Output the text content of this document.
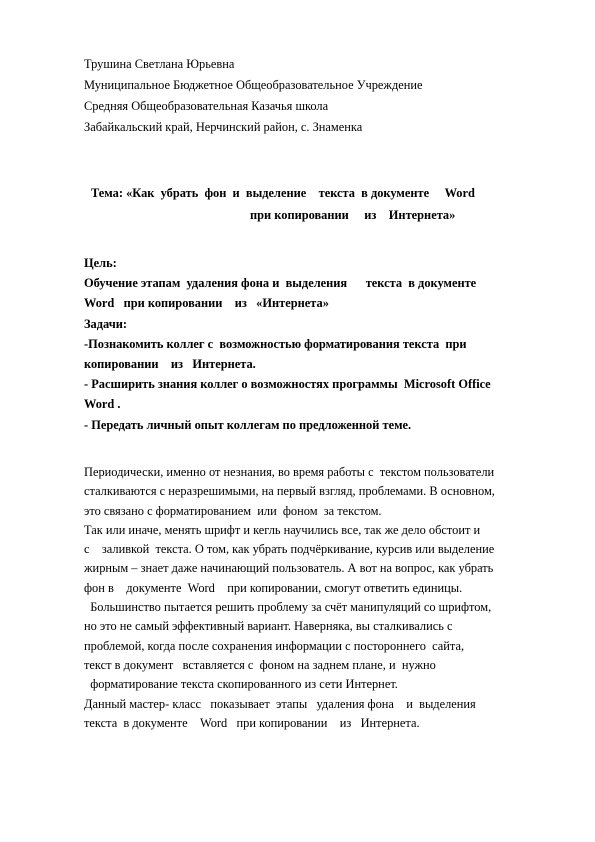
Трушина Светлана Юрьевна
Муниципальное Бюджетное Общеобразовательное Учреждение
Средняя Общеобразовательная Казачья школа
Забайкальский край, Нерчинский район, с. Знаменка
Тема: «Как  убрать  фон  и  выделение    текста  в документе     Word
при копировании     из    Интернета»
Цель:
Обучение этапам  удаления фона и  выделения      текста  в документе
Word   при копировании    из   «Интернета»
Задачи:
-Познакомить коллег с  возможностью форматирования текста  при
копировании    из   Интернета.
- Расширить знания коллег о возможностях программы  Microsoft Office
Word .
- Передать личный опыт коллегам по предложенной теме.
Периодически, именно от незнания, во время работы с  текстом пользователи
сталкиваются с неразрешимыми, на первый взгляд, проблемами. В основном,
это связано с форматированием  или  фоном  за текстом.
Так или иначе, менять шрифт и кегль научились все, так же дело обстоит и
с    заливкой  текста. О том, как убрать подчёркивание, курсив или выделение
жирным – знает даже начинающий пользователь. А вот на вопрос, как убрать
фон в    документе  Word    при копировании, смогут ответить единицы.
Большинство пытается решить проблему за счёт манипуляций со шрифтом,
но это не самый эффективный вариант. Наверняка, вы сталкивались с
проблемой, когда после сохранения информации с постороннего  сайта,
текст в документ   вставляется с  фоном на заднем плане, и  нужно
форматирование текста скопированного из сети Интернет.
Данный мастер- класс   показывает  этапы   удаления фона    и  выделения
текста  в документе    Word   при копировании    из   Интернета.
